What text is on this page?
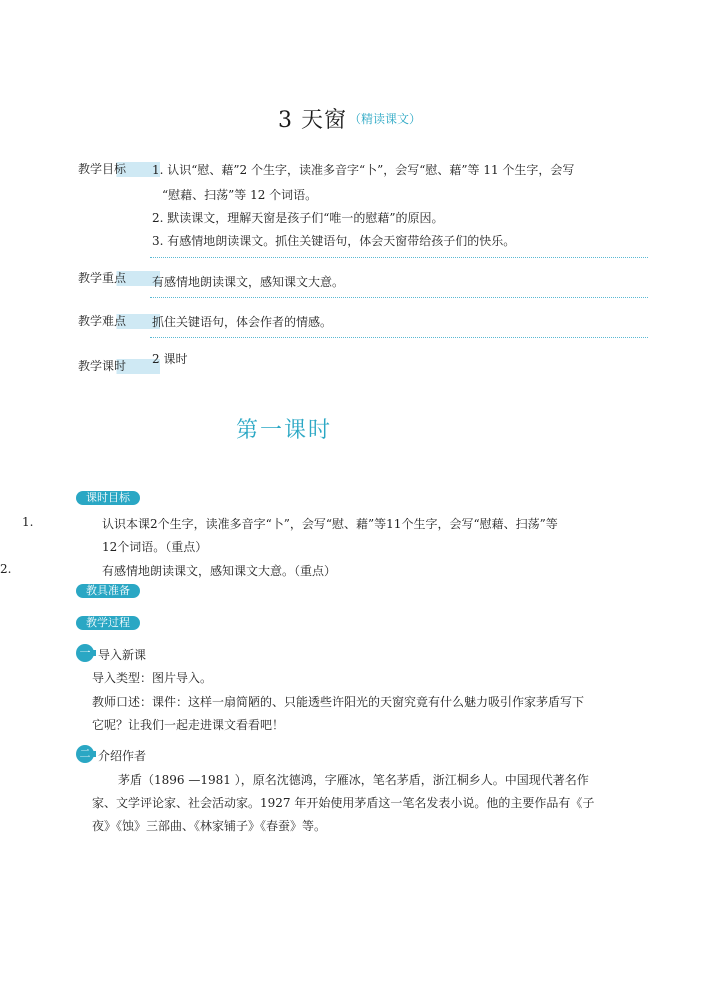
3 天窗 （精读课文）
教学目标	1. 认识“慰、藉”2 个生字，读准多音字“卜”，会写“慰、藉”等 11 个生字，会写
“慰藉、扫荡”等 12 个词语。
2. 默读课文，理解天窗是孩子们“唯一的慰藉”的原因。
3. 有感情地朗读课文。抓住关键语句，体会天窗带给孩子们的快乐。
教学重点	有感情地朗读课文，感知课文大意。
教学难点	抓住关键语句，体会作者的情感。
教学课时	2 课时
第一课时
课时目标
1.	认识本课2个生字，读准多音字“卜”，会写“慰、藉”等11个生字，会写“慰藉、扫荡”等
12个词语。（重点）
2.	有感情地朗读课文，感知课文大意。（重点）
教具准备
教学过程
一 导入新课
导入类型：图片导入。
教师口述：课件：这样一扇简陋的、只能透些许阳光的天窗究竟有什么魅力吸引作家茅盾写下
它呢？让我们一起走进课文看看吧！
二 介绍作者
茅盾（1896 —1981 ），原名沈德鸿，字雁冰，笔名茅盾，浙江桐乡人。中国现代著名作
家、文学评论家、社会活动家。1927 年开始使用茅盾这一笔名发表小说。他的主要作品有《子
夜》《蚀》三部曲、《林家铺子》《春蚕》等。
